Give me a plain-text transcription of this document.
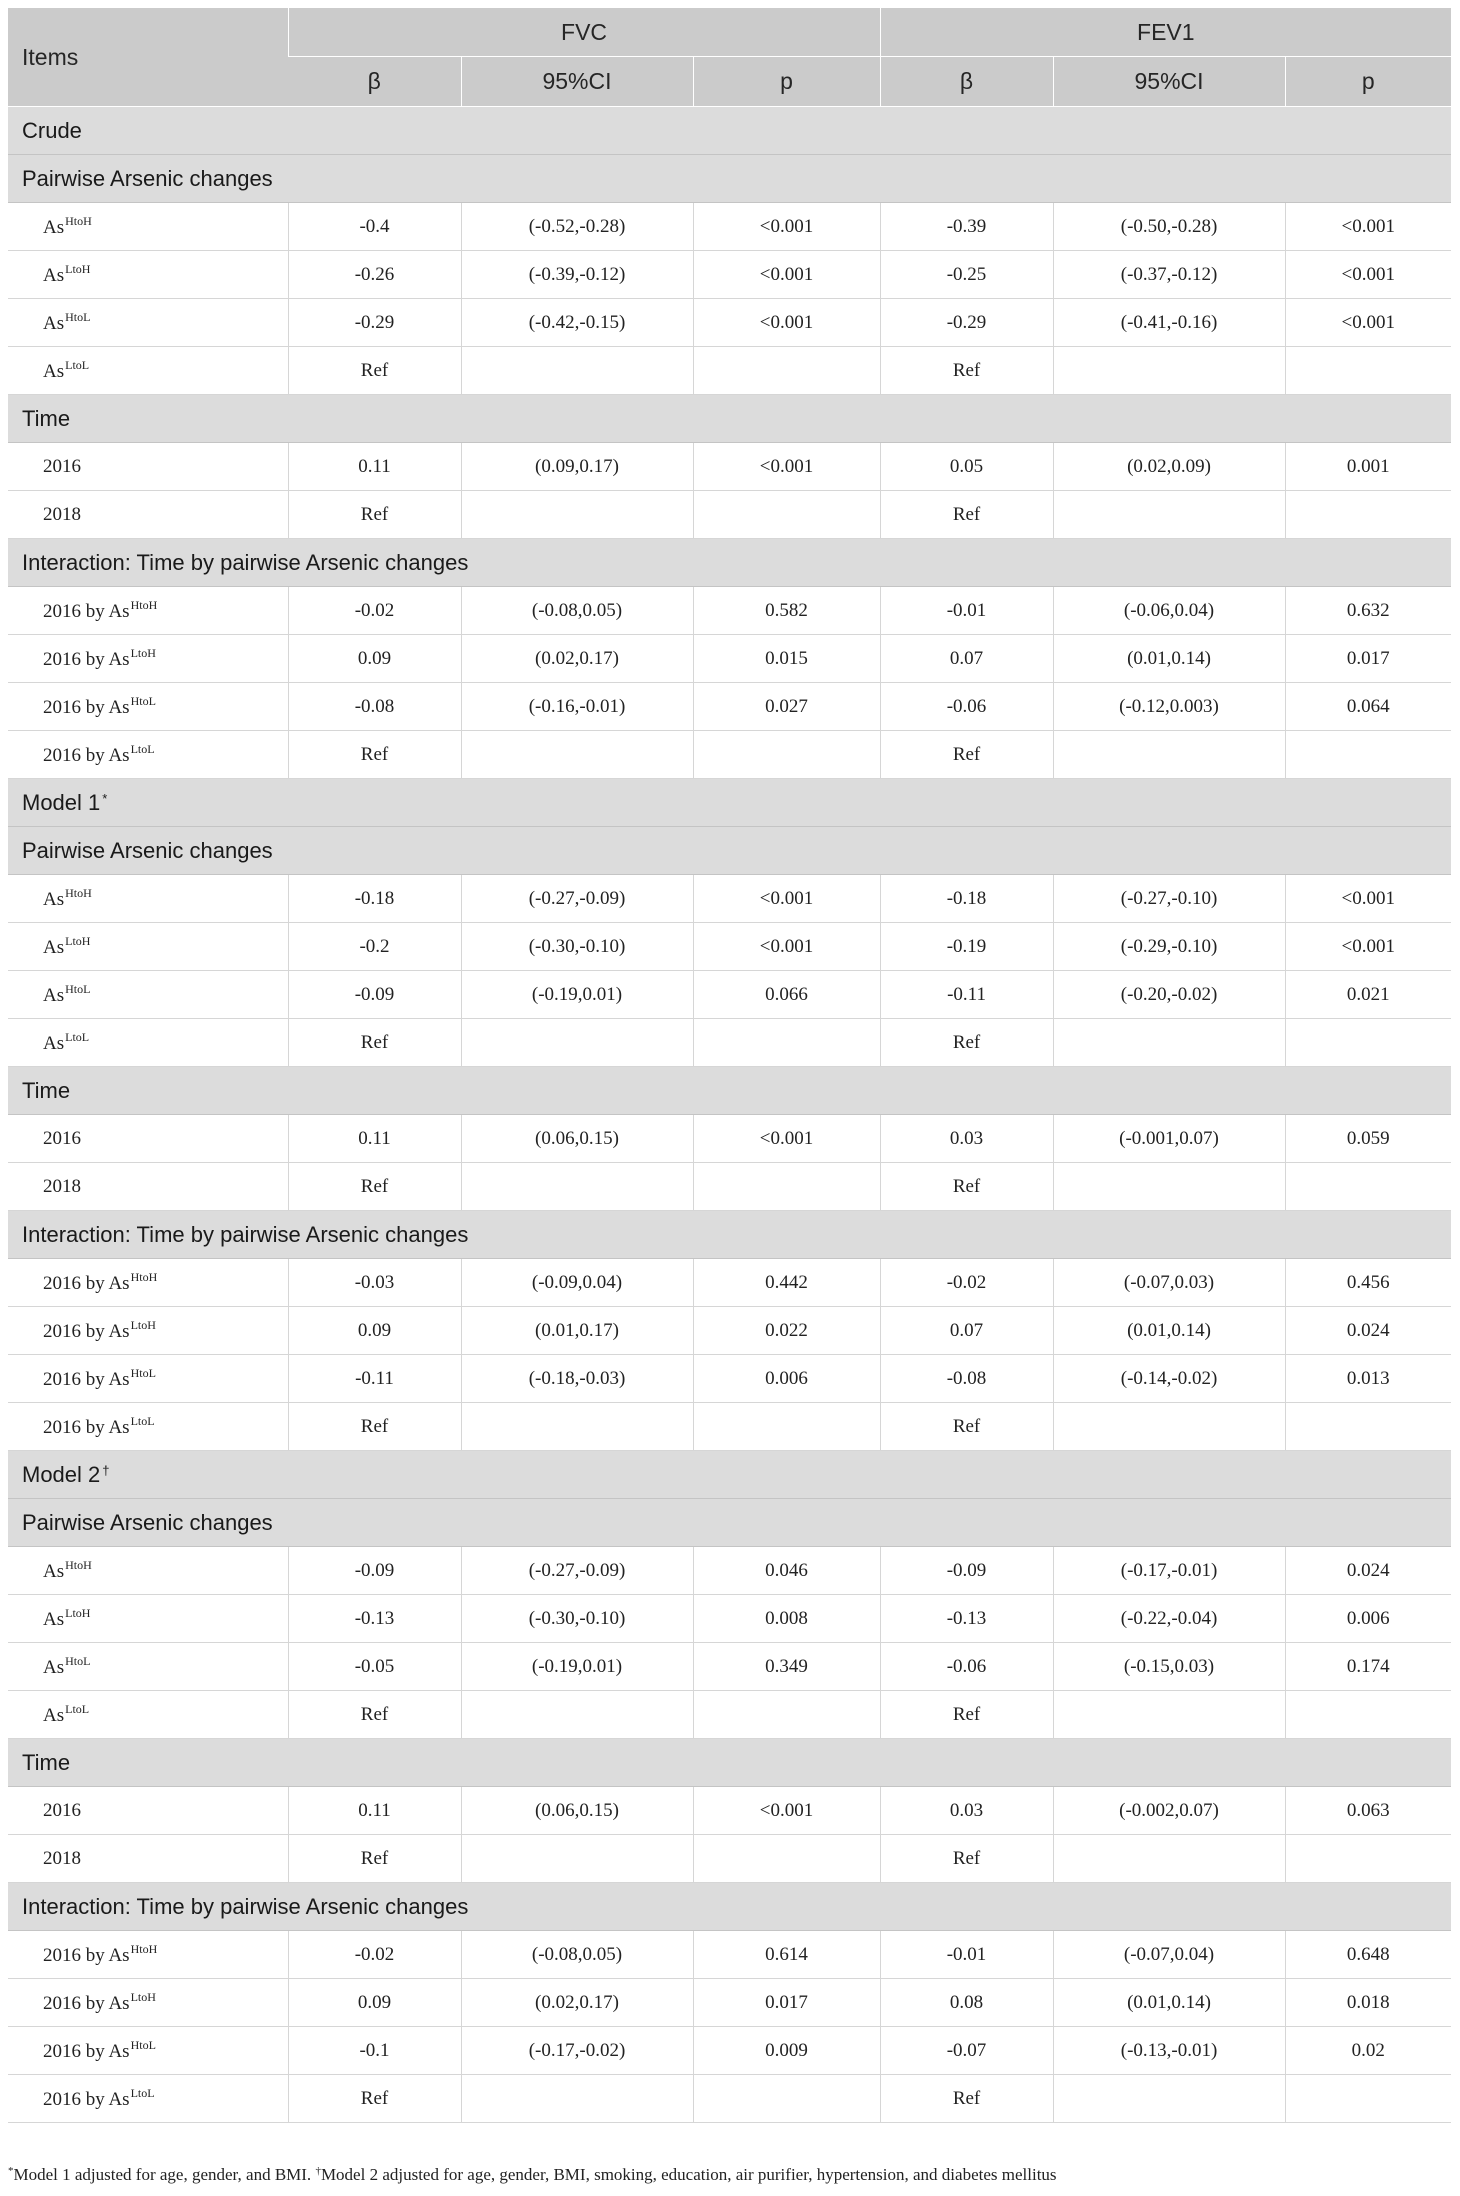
Items	FVC			FEV1		
	β	95%CI	p	β	95%CI	p
Crude						
Pairwise Arsenic changes						
$As^{HtoH}$	-0.4	(-0.52,-0.28)	<0.001	-0.39	(-0.50,-0.28)	<0.001
$As^{LtoH}$	-0.26	(-0.39,-0.12)	<0.001	-0.25	(-0.37,-0.12)	<0.001
$As^{HtoL}$	-0.29	(-0.42,-0.15)	<0.001	-0.29	(-0.41,-0.16)	<0.001
$As^{LtoL}$	Ref			Ref		
Time						
2016	0.11	(0.09,0.17)	<0.001	0.05	(0.02,0.09)	0.001
2018	Ref			Ref		
Interaction: Time by pairwise Arsenic changes						
2016 by $As^{HtoH}$	-0.02	(-0.08,0.05)	0.582	-0.01	(-0.06,0.04)	0.632
2016 by $As^{LtoH}$	0.09	(0.02,0.17)	0.015	0.07	(0.01,0.14)	0.017
2016 by $As^{HtoL}$	-0.08	(-0.16,-0.01)	0.027	-0.06	(-0.12,0.003)	0.064
2016 by $As^{LtoL}$	Ref			Ref		
Model 1 *
Pairwise Arsenic changes						
$As^{HtoH}$	-0.18	(-0.27,-0.09)	<0.001	-0.18	(-0.27,-0.10)	<0.001
$As^{LtoH}$	-0.2	(-0.30,-0.10)	<0.001	-0.19	(-0.29,-0.10)	<0.001
$As^{HtoL}$	-0.09	(-0.19,0.01)	0.066	-0.11	(-0.20,-0.02)	0.021
$As^{LtoL}$	Ref			Ref		
Time						
2016	0.11	(0.06,0.15)	<0.001	0.03	(-0.001,0.07)	0.059
2018	Ref			Ref		
Interaction: Time by pairwise Arsenic changes						
2016 by $As^{HtoH}$	-0.03	(-0.09,0.04)	0.442	-0.02	(-0.07,0.03)	0.456
2016 by $As^{LtoH}$	0.09	(0.01,0.17)	0.022	0.07	(0.01,0.14)	0.024
2016 by $As^{HtoL}$	-0.11	(-0.18,-0.03)	0.006	-0.08	(-0.14,-0.02)	0.013
2016 by $As^{LtoL}$	Ref			Ref		
Model 2 †
Pairwise Arsenic changes						
$As^{HtoH}$	-0.09	(-0.27,-0.09)	0.046	-0.09	(-0.17,-0.01)	0.024
$As^{LtoH}$	-0.13	(-0.30,-0.10)	0.008	-0.13	(-0.22,-0.04)	0.006
$As^{HtoL}$	-0.05	(-0.19,0.01)	0.349	-0.06	(-0.15,0.03)	0.174
$As^{LtoL}$	Ref			Ref		
Time						
2016	0.11	(0.06,0.15)	<0.001	0.03	(-0.002,0.07)	0.063
2018	Ref			Ref		
Interaction: Time by pairwise Arsenic changes						
2016 by $As^{HtoH}$	-0.02	(-0.08,0.05)	0.614	-0.01	(-0.07,0.04)	0.648
2016 by $As^{LtoH}$	0.09	(0.02,0.17)	0.017	0.08	(0.01,0.14)	0.018
2016 by $As^{HtoL}$	-0.1	(-0.17,-0.02)	0.009	-0.07	(-0.13,-0.01)	0.02
2016 by $As^{LtoL}$	Ref			Ref		
*Model 1 adjusted for age, gender, and BMI. †Model 2 adjusted for age, gender, BMI, smoking, education, air purifier, hypertension, and diabetes mellitus
